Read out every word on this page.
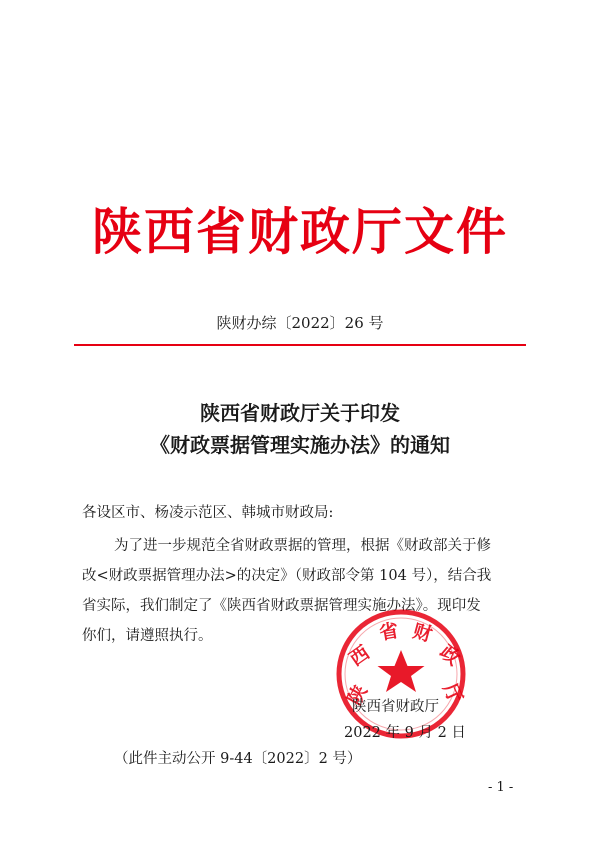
陕西省财政厅文件
陕财办综〔2022〕26 号
陕西省财政厅关于印发
《财政票据管理实施办法》的通知
各设区市、杨凌示范区、韩城市财政局:
为了进一步规范全省财政票据的管理，根据《财政部关于修
改<财政票据管理办法>的决定》（财政部令第 104 号），结合我
省实际，我们制定了《陕西省财政票据管理实施办法》。现印发
你们，请遵照执行。
陕
西
省 财
政
厅
陕西省财政厅
2022 年 9 月 2 日
（此件主动公开 9-44〔2022〕2 号）
- 1 -
